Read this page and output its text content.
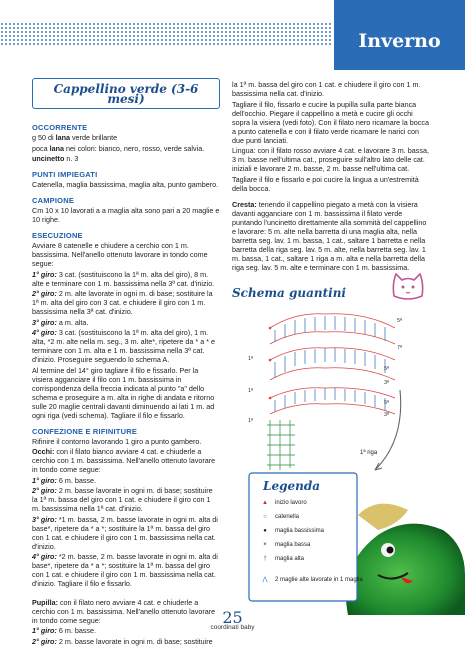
Inverno
Cappellino verde (3-6 mesi)
OCCORRENTE

g 50 di lana verde brillante

poca lana nei colori: bianco, nero, rosso, verde salvia.

uncinetto n. 3

PUNTI IMPIEGATI

Catenella, maglia bassissima, maglia alta, punto gambero.

CAMPIONE

Cm 10 x 10 lavorati a a maglia alta sono pari a 20 maglie e 10 righe.

ESECUZIONE

Avviare 8 catenelle e chiudere a cerchio con 1 m. bassissima. Nell'anello ottenuto lavorare in tondo come segue:

1° giro: 3 cat. (sostituiscono la 1ª m. alta del giro), 8 m. alte e terminare con 1 m. bassissima nella 3ª cat. d'inizio.

2° giro: 2 m. alte lavorate in ogni m. di base; sostituire la 1ª m. alta del giro con 3 cat. e chiudere il giro con 1 m. bassissima nella 3ª cat. d'inizio.

3° giro: a m. alta.

4° giro: 3 cat. (sostituiscono la 1ª m. alta del giro), 1 m. alta, *2 m. alte nella m. seg., 3 m. alte*, ripetere da * a * e terminare con 1 m. alta e 1 m. bassissima nella 3ª cat. d'inizio. Proseguire seguendo lo schema A.

Al termine del 14° giro tagliare il filo e fissarlo. Per la visiera agganciare il filo con 1 m. bassissima in corrispondenza della freccia indicata al punto "a" dello schema e proseguire a m. alta in righe di andata e ritorno sulle 20 maglie centrali davanti diminuendo ai lati 1 m. ad ogni riga (vedi schema). Tagliare il filo e fissarlo.

CONFEZIONE E RIFINITURE

Rifinire il contorno lavorando 1 giro a punto gambero.

Occhi: con il filato bianco avviare 4 cat. e chiuderle a cerchio con 1 m. bassissima. Nell'anello ottenuto lavorare in tondo come segue:

1° giro: 6 m. basse.

2° giro: 2 m. basse lavorate in ogni m. di base; sostituire la 1ª m. bassa del giro con 1 cat. e chiudere il giro con 1 m. bassissima nella 1ª cat. d'inizio.

3° giro: *1 m. bassa, 2 m. basse lavorate in ogni m. alta di base*, ripetere da * a *; sostituire la 1ª m. bassa del giro con 1 cat. e chiudere il giro con 1 m. bassissima nella cat. d'inizio.

4° giro: *2 m. basse, 2 m. basse lavorate in ogni m. alta di base*, ripetere da * a *; sostituire la 1ª m. bassa del giro con 1 cat. e chiudere il giro con 1 m. bassissima nella cat. d'inizio. Tagliare il filo e fissarlo.

Pupilla: con il filato nero avviare 4 cat. e chiuderle a cerchio con 1 m. bassissima. Nell'anello ottenuto lavorare in tondo come segue:

1° giro: 6 m. basse.

2° giro: 2 m. basse lavorate in ogni m. di base; sostituire

la 1ª m. bassa del giro con 1 cat. e chiudere il giro con 1 m. bassissima nella cat. d'inizio.

Tagliare il filo, fissarlo e cucire la pupilla sulla parte bianca dell'occhio. Piegare il cappellino a metà e cucire gli occhi sopra la visiera (vedi foto). Con il filato nero ricamare la bocca a punto catenella e con il filato verde ricamare le narici con due punti lanciati.

Lingua: con il filato rosso avviare 4 cat. e lavorare 3 m. bassa, 3 m. basse nell'ultima cat., proseguire sull'altro lato delle cat. iniziali e lavorare 2 m. basse, 2 m. basse nell'ultima cat.

Tagliare il filo e fissarlo e poi cucire la lingua a un'estremità della bocca.

Cresta: tenendo il cappellino piegato a metà con la visiera davanti agganciare con 1 m. bassissima il filato verde puntando l'uncinetto direttamente alla sommità del cappellino e lavorare: 5 m. alte nella barretta di una maglia alta, nella barretta seg. lav. 1 m. bassa, 1 cat., saltare 1 barretta e nella barretta della riga seg. lav. 5 m. alte, nella barretta seg. lav. 1 m. bassa, 1 cat., saltare 1 riga a m. alta e nella barretta della riga seg. lav. 5 m. alte e terminare con 1 m. bassissima.

Schema guantini
5ª
7ª
1ª
5ª
3ª
1ª
5ª
3ª
1ª
1ª riga
Legenda
▲ inizio lavoro
○ catenella
● maglia bassissima
× maglia bassa
† maglia alta
⋀ 2 maglie alte lavorate in 1 maglia
25
coordinati baby
